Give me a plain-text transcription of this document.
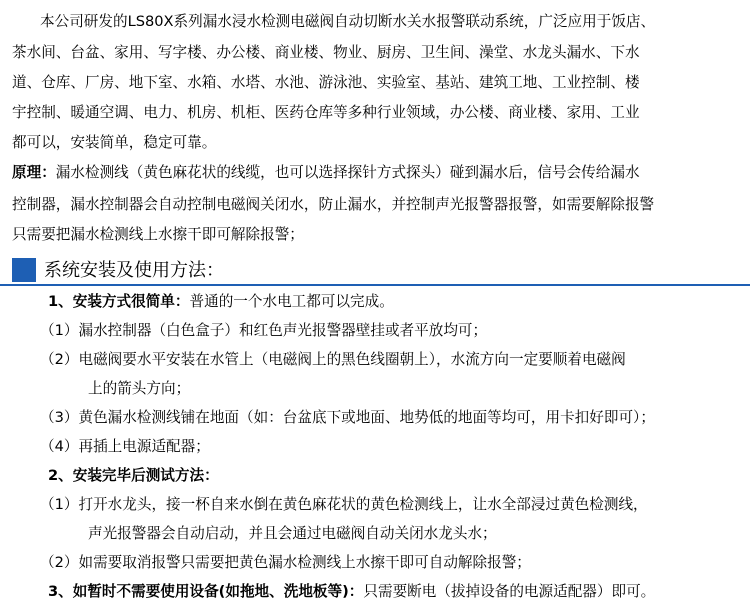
本公司研发的LS80X系列漏水浸水检测电磁阀自动切断水关水报警联动系统，广泛应用于饭店、
茶水间、台盆、家用、写字楼、办公楼、商业楼、物业、厨房、卫生间、澡堂、水龙头漏水、下水
道、仓库、厂房、地下室、水箱、水塔、水池、游泳池、实验室、基站、建筑工地、工业控制、楼
宇控制、暖通空调、电力、机房、机柜、医药仓库等多种行业领域，办公楼、商业楼、家用、工业
都可以，安装简单，稳定可靠。
原理：漏水检测线（黄色麻花状的线缆，也可以选择探针方式探头）碰到漏水后，信号会传给漏水
控制器，漏水控制器会自动控制电磁阀关闭水，防止漏水，并控制声光报警器报警，如需要解除报警
只需要把漏水检测线上水擦干即可解除报警；
系统安装及使用方法：
1、安装方式很简单：普通的一个水电工都可以完成。
（1）漏水控制器（白色盒子）和红色声光报警器壁挂或者平放均可；
（2）电磁阀要水平安装在水管上（电磁阀上的黑色线圈朝上），水流方向一定要顺着电磁阀
上的箭头方向；
（3）黄色漏水检测线铺在地面（如：台盆底下或地面、地势低的地面等均可，用卡扣好即可）；
（4）再插上电源适配器；
2、安装完毕后测试方法：
（1）打开水龙头，接一杯自来水倒在黄色麻花状的黄色检测线上，让水全部浸过黄色检测线，
声光报警器会自动启动，并且会通过电磁阀自动关闭水龙头水；
（2）如需要取消报警只需要把黄色漏水检测线上水擦干即可自动解除报警；
3、如暂时不需要使用设备(如拖地、洗地板等)：只需要断电（拔掉设备的电源适配器）即可。
